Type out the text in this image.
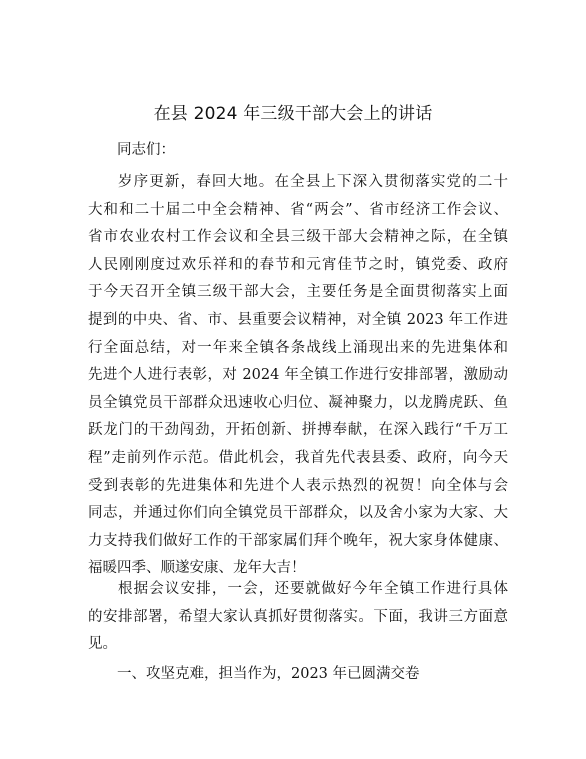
在县 2024 年三级干部大会上的讲话
同志们：
岁序更新，春回大地。在全县上下深入贯彻落实党的二十
大和和二十届二中全会精神、省“两会”、省市经济工作会议、
省市农业农村工作会议和全县三级干部大会精神之际，在全镇
人民刚刚度过欢乐祥和的春节和元宵佳节之时，镇党委、政府
于今天召开全镇三级干部大会，主要任务是全面贯彻落实上面
提到的中央、省、市、县重要会议精神，对全镇 2023 年工作进
行全面总结，对一年来全镇各条战线上涌现出来的先进集体和
先进个人进行表彰，对 2024 年全镇工作进行安排部署，激励动
员全镇党员干部群众迅速收心归位、凝神聚力，以龙腾虎跃、鱼
跃龙门的干劲闯劲，开拓创新、拼搏奉献，在深入践行“千万工
程”走前列作示范。借此机会，我首先代表县委、政府，向今天
受到表彰的先进集体和先进个人表示热烈的祝贺！向全体与会
同志，并通过你们向全镇党员干部群众，以及舍小家为大家、大
力支持我们做好工作的干部家属们拜个晚年，祝大家身体健康、
福暖四季、顺遂安康、龙年大吉！
根据会议安排，一会，还要就做好今年全镇工作进行具体
的安排部署，希望大家认真抓好贯彻落实。下面，我讲三方面意
见。
一、攻坚克难，担当作为，2023 年已圆满交卷
